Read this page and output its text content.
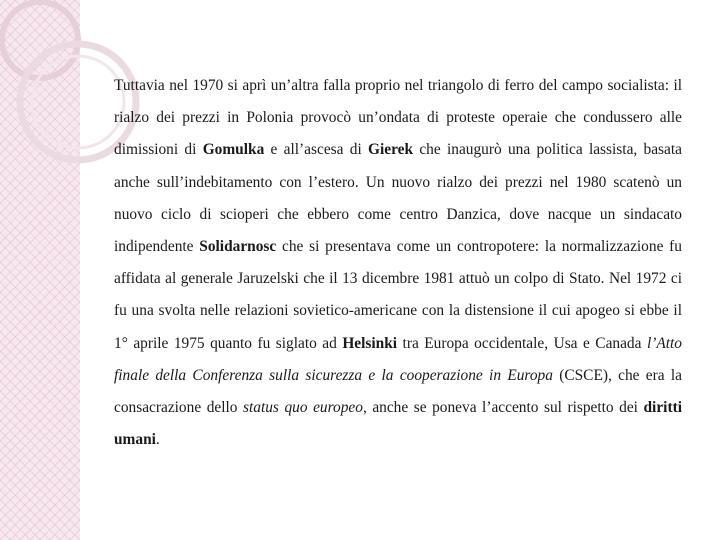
Tuttavia nel 1970 si aprì un’altra falla proprio nel triangolo di ferro del campo socialista: il rialzo dei prezzi in Polonia provocò un’ondata di proteste operaie che condussero alle dimissioni di Gomulka e all’ascesa di Gierek che inaugurò una politica lassista, basata anche sull’indebitamento con l’estero. Un nuovo rialzo dei prezzi nel 1980 scatenò un nuovo ciclo di scioperi che ebbero come centro Danzica, dove nacque un sindacato indipendente Solidarnosc che si presentava come un contropotere: la normalizzazione fu affidata al generale Jaruzelski che il 13 dicembre 1981 attuò un colpo di Stato. Nel 1972 ci fu una svolta nelle relazioni sovietico-americane con la distensione il cui apogeo si ebbe il 1° aprile 1975 quanto fu siglato ad Helsinki tra Europa occidentale, Usa e Canada l’Atto finale della Conferenza sulla sicurezza e la cooperazione in Europa (CSCE), che era la consacrazione dello status quo europeo, anche se poneva l’accento sul rispetto dei diritti umani.
